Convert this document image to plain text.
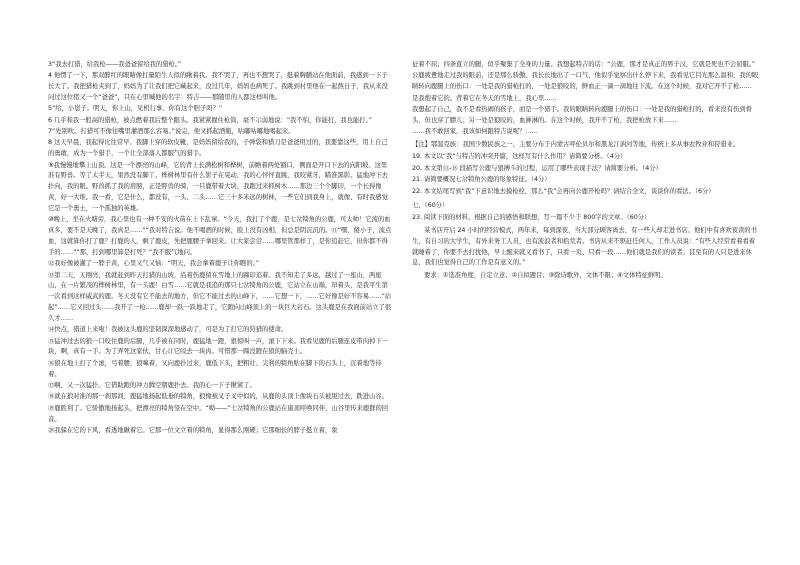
3“我去打猎，给我枪——我爸爸留给我的猎枪。”

4 他愣了一下，那双醉红的眼睛像打量陌生人似的瞅着我。我不哭了，再也不想哭了，挺着胸脯站在他面前，我感到一下子长大了。我把猎枪夹到了，妈妈为了让我们把它藏起来，没过几年，妈妈也病死了。我跳到村里他在一起熬日子，我从来没问过这位猪又一个“爸爸”，只在心里喊他的名字：特吉——那随里的人都这样叫他。

5“给，小崽子。明天，你上山，见机行事。你有这个胆子吗？”

6 几乎和我一般高的猎枪，被点燃着我后整个跟头。我紧紧握住枪筒，毫不示弱地说：“我不怕，你能打，我也能打。”

7“先别吹。打猎可不像往嘴里灌酒那么容易。”说完，他又抓起酒瓶，咕嘟咕嘟地喝起来。

8 这天早晨，我起得比往常早。我脚上穿的软皮靴，是妈妈留给我的，子弹袋和猎刀是爸爸用过的，我要靠这些，用上自己的勇敢，成为一个猎手，一个让全部落人都服气的猎手。

⑨我慢慢地攀上山顶。这是一个漂亮的山峰，它的背上长满松树和桦树，前瞻着两处豁口，侧面是开口下去的向阳坡。这里准有野兽。等了太半天，果然没有脚丫。桦树林里有什么影子在晃动，我的心怦怦直跳，我咬紧牙，瞄准黑影。猛地冲下去扑向，我的眼。野兽抓了我的肩膀，正是野兽的骑，一只鹿带着大块，我跑过来抓树木……那边三个个脚印，一个长得像黄，好一大堆。我一看，它是什么，都没有，一头、二头……它三十多米远的树林，一些它们到我身上，就像、有时我感觉它是一个勇士，一个孤独的英雄。

⑩晚上，坐在火塘旁，我心里也有一种不安的火苗在上下乱窜。“今天，我打了个鹿，是七岔犄角的公鹿，可太帅！它流的血真多，要不是天晚了，我真是……”“我对特吉说。他不喝酒的时候，脸上没有凶相，但总是阴沉沉的。⑪“嘿，傻小子，流点血，这就算你打了鹿？打鹿的人，剩了鹿皮，先把鹿腰子拿回来。让大家尝尝……哪里管那样了，是你追赶它，但你都不得手的……”“那，打到哪里算是打死？”我不服气地问。

⑫我好像被灌了一脖子黄，心里又气又恼：“明天，我会拿着鹿子让你瞧的。”

⑬第二天，天刚亮，我就赶到昨天打猎的山坡，沿着伤鹿留在雪地上的蹄印追着。我不知走了多远，越过了一座山，两座山，在一片繁茂的桦树林里，有一头鹿！白雪……它就是我追的那只七岔犄角的公鹿，它站立在山巅，昂着头，是我平生第一次看到这样威武的鹿。冬天没有它不能去的地方，但它不能过去的山峰下，……它想一下，……它好像是好不容易……“站起”……它又回过头……我开了一枪……鹿却一跃一跃地走了，它跑向山峰顶上的一块巨大岩石。这头鹿是在我面前站立了很久才……

⑭快点，猎道上来啦！我被这头鹿的坚韧深深地感动了，可是为了打它的狩猎的使命。

⑮猛冲过去的狼一口咬住鹿的后腿，几乎被在同时，鹿猛地一蹬，狼惊叫一声，滚下下来。我看见鹿的后腿连皮带肉掉下一块，啊，真有一手。为了弄死这家伙，甘心让它咬去一块肉。可惜那一蹄没蹬在狼的脑壳上。

⑯狼在地上打了个滚，弓着腰，狼嗥着，又向鹿扑过来，鹿低下头，把粗壮、尖利的犄角贴在脚下的石头上，沉着地等待着。

⑰啊，又一次猛扑。它借助跑的冲力腾空朝鹿扑去。我的心一下子揪紧了。

⑱就在狼对准的那一刹那间，鹿猛地扬起低垂的犄角，狼像被叉子叉中似的，从鹿的头顶上像块石头被甩过去，跌进山谷。

⑲鹿胜利了。它骄傲地扬起头，把漂亮的犄角竖在空中。“呦——”七岔犄角的公鹿站在崖顶呼唤同伴，山谷里传来鹿群的回音。

⑳我躲在它的下风，看透地瞅着它。它那一位文立着的犄角，显得那么刚硬；它那细长的脖子挺立着，象

征着不屈；四条直立的腿，似乎聚集了全身的力量。我想起特吉的话：“公鹿，那才是真正的男子汉，它就是死也不会屈服。”

公鹿疲惫地走过我的眼前，还是那么骄傲。我长长地出了一口气，他似乎觉察出什么停下来，我看见它目光那么温和，我的眼睛转向鹿腿上的伤口：一处是我的猎枪打的，一处是狼咬的，鲜血正一滴一滴地往下流。在这个时候，我对它开不了枪……

是我抱着它的。背着它在冬天的雪地上，我心里……

我想起了自己，我不是看热闹的孩子，而是一个猎手。我的眼睛转向鹿腿上的伤口：一处是我的猎枪打的，看来没有伤到骨头，但也穿了膘儿；另一处是狼咬的，血淋淋的。在这个时候，我开不了枪，我把枪放下来……

……我不敢回家，我该如何跟特吉说呢？……

【注】鄂温克族：我国少数民族之一，主要分布于内蒙古呼伦贝尔和黑龙江讷河等地，传统上多从事农牧业和狩猎业。

19. 本文以“我”与特吉的冲突开篇，这样写有什么作用？请简要分析。（4分）

20. 本文第⑬-⑱ 段描写公鹿与狼搏斗的过程，运用了哪些表现手法？请简要分析。（4分）

21. 请简要概况七岔犄角公鹿的形象特征。（4分）

22. 本文结尾写到“我”下意识地去摸枪栓，那么“我”会再向公鹿开枪吗？请结合全文，谈谈你的看法。（6分）

七、（60分）

23. 阅读下面的材料，根据自己的感悟和联想，写一篇不少于 800字的文章。（60分）

某书店开启 24 小时的经营模式，两年来，每到深夜，当大部分顾客离去，有一些人却走进书店。他们中有喜欢夜读的书生，有自习的大学生，有外来务工人员，也有流浪者和拾荒者。书店从来不驱赶任何人，工作人员说：“有些人经常看着看着就睡着了，你要不去打扰他，早上醒来就又看书了，只看一页、只看一段……他们就是我们的读者；甚至有的人只是进来休息，我们也觉得自己的工作是有意义的。”

要求：①选准角度，自定立意；②自拟题目；③除诗歌外，文体不限；④文体特征鲜明。
